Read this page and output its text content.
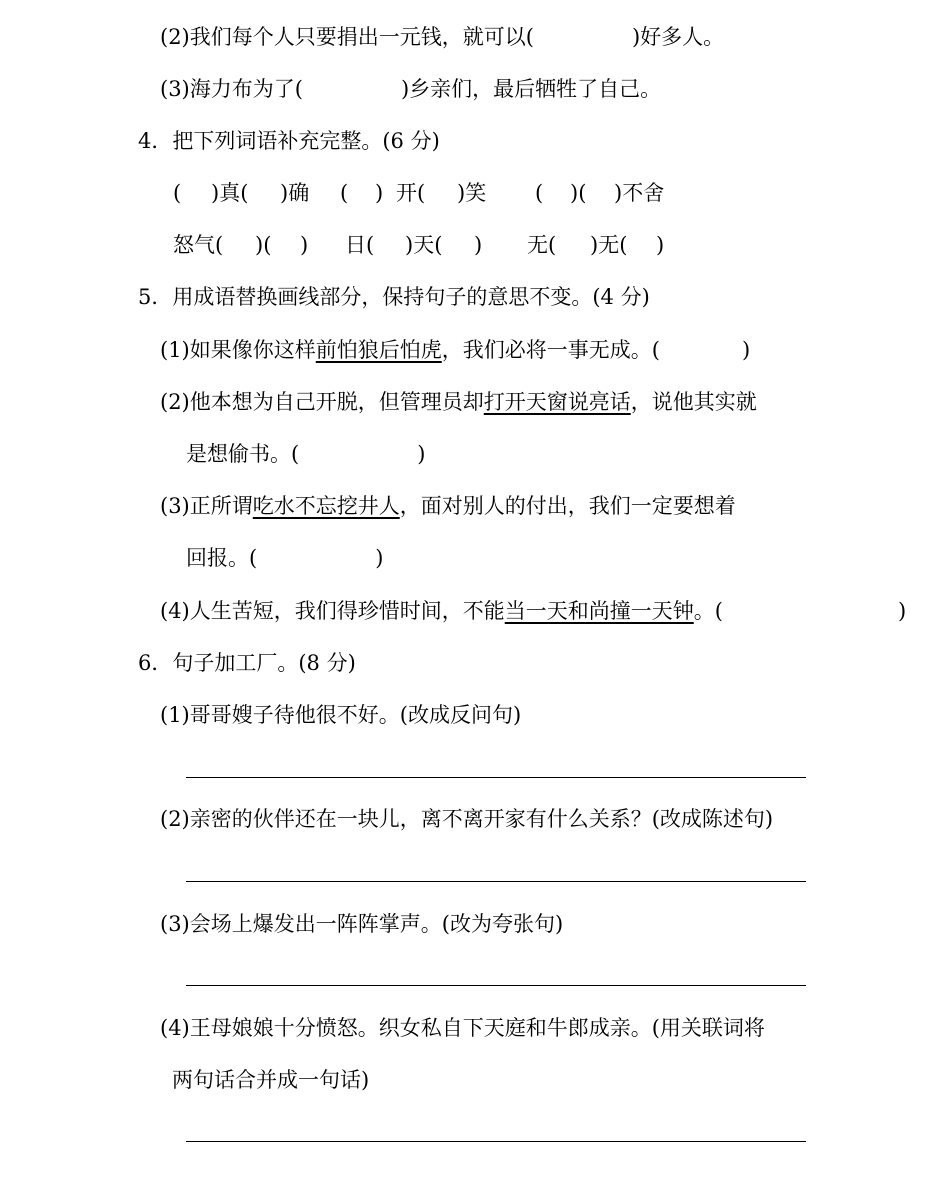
(2)我们每个人只要捐出一元钱，就可以(	)好多人。
(3)海力布为了(	)乡亲们，最后牺牲了自己。
4．把下列词语补充完整。(6 分)
( )真( )确 ( ) 开( )笑 ( )( )不舍
怒气( )( ) 日( )天( ) 无( )无( )
5．用成语替换画线部分，保持句子的意思不变。(4 分)
(1)如果像你这样前怕狼后怕虎，我们必将一事无成。(	)
(2)他本想为自己开脱，但管理员却打开天窗说亮话，说他其实就
是想偷书。(	)
(3)正所谓吃水不忘挖井人，面对别人的付出，我们一定要想着
回报。(	)
(4)人生苦短，我们得珍惜时间，不能当一天和尚撞一天钟。(	)
6．句子加工厂。(8 分)
(1)哥哥嫂子待他很不好。(改成反问句)
(2)亲密的伙伴还在一块儿，离不离开家有什么关系？(改成陈述句)
(3)会场上爆发出一阵阵掌声。(改为夸张句)
(4)王母娘娘十分愤怒。织女私自下天庭和牛郎成亲。(用关联词将
两句话合并成一句话)
